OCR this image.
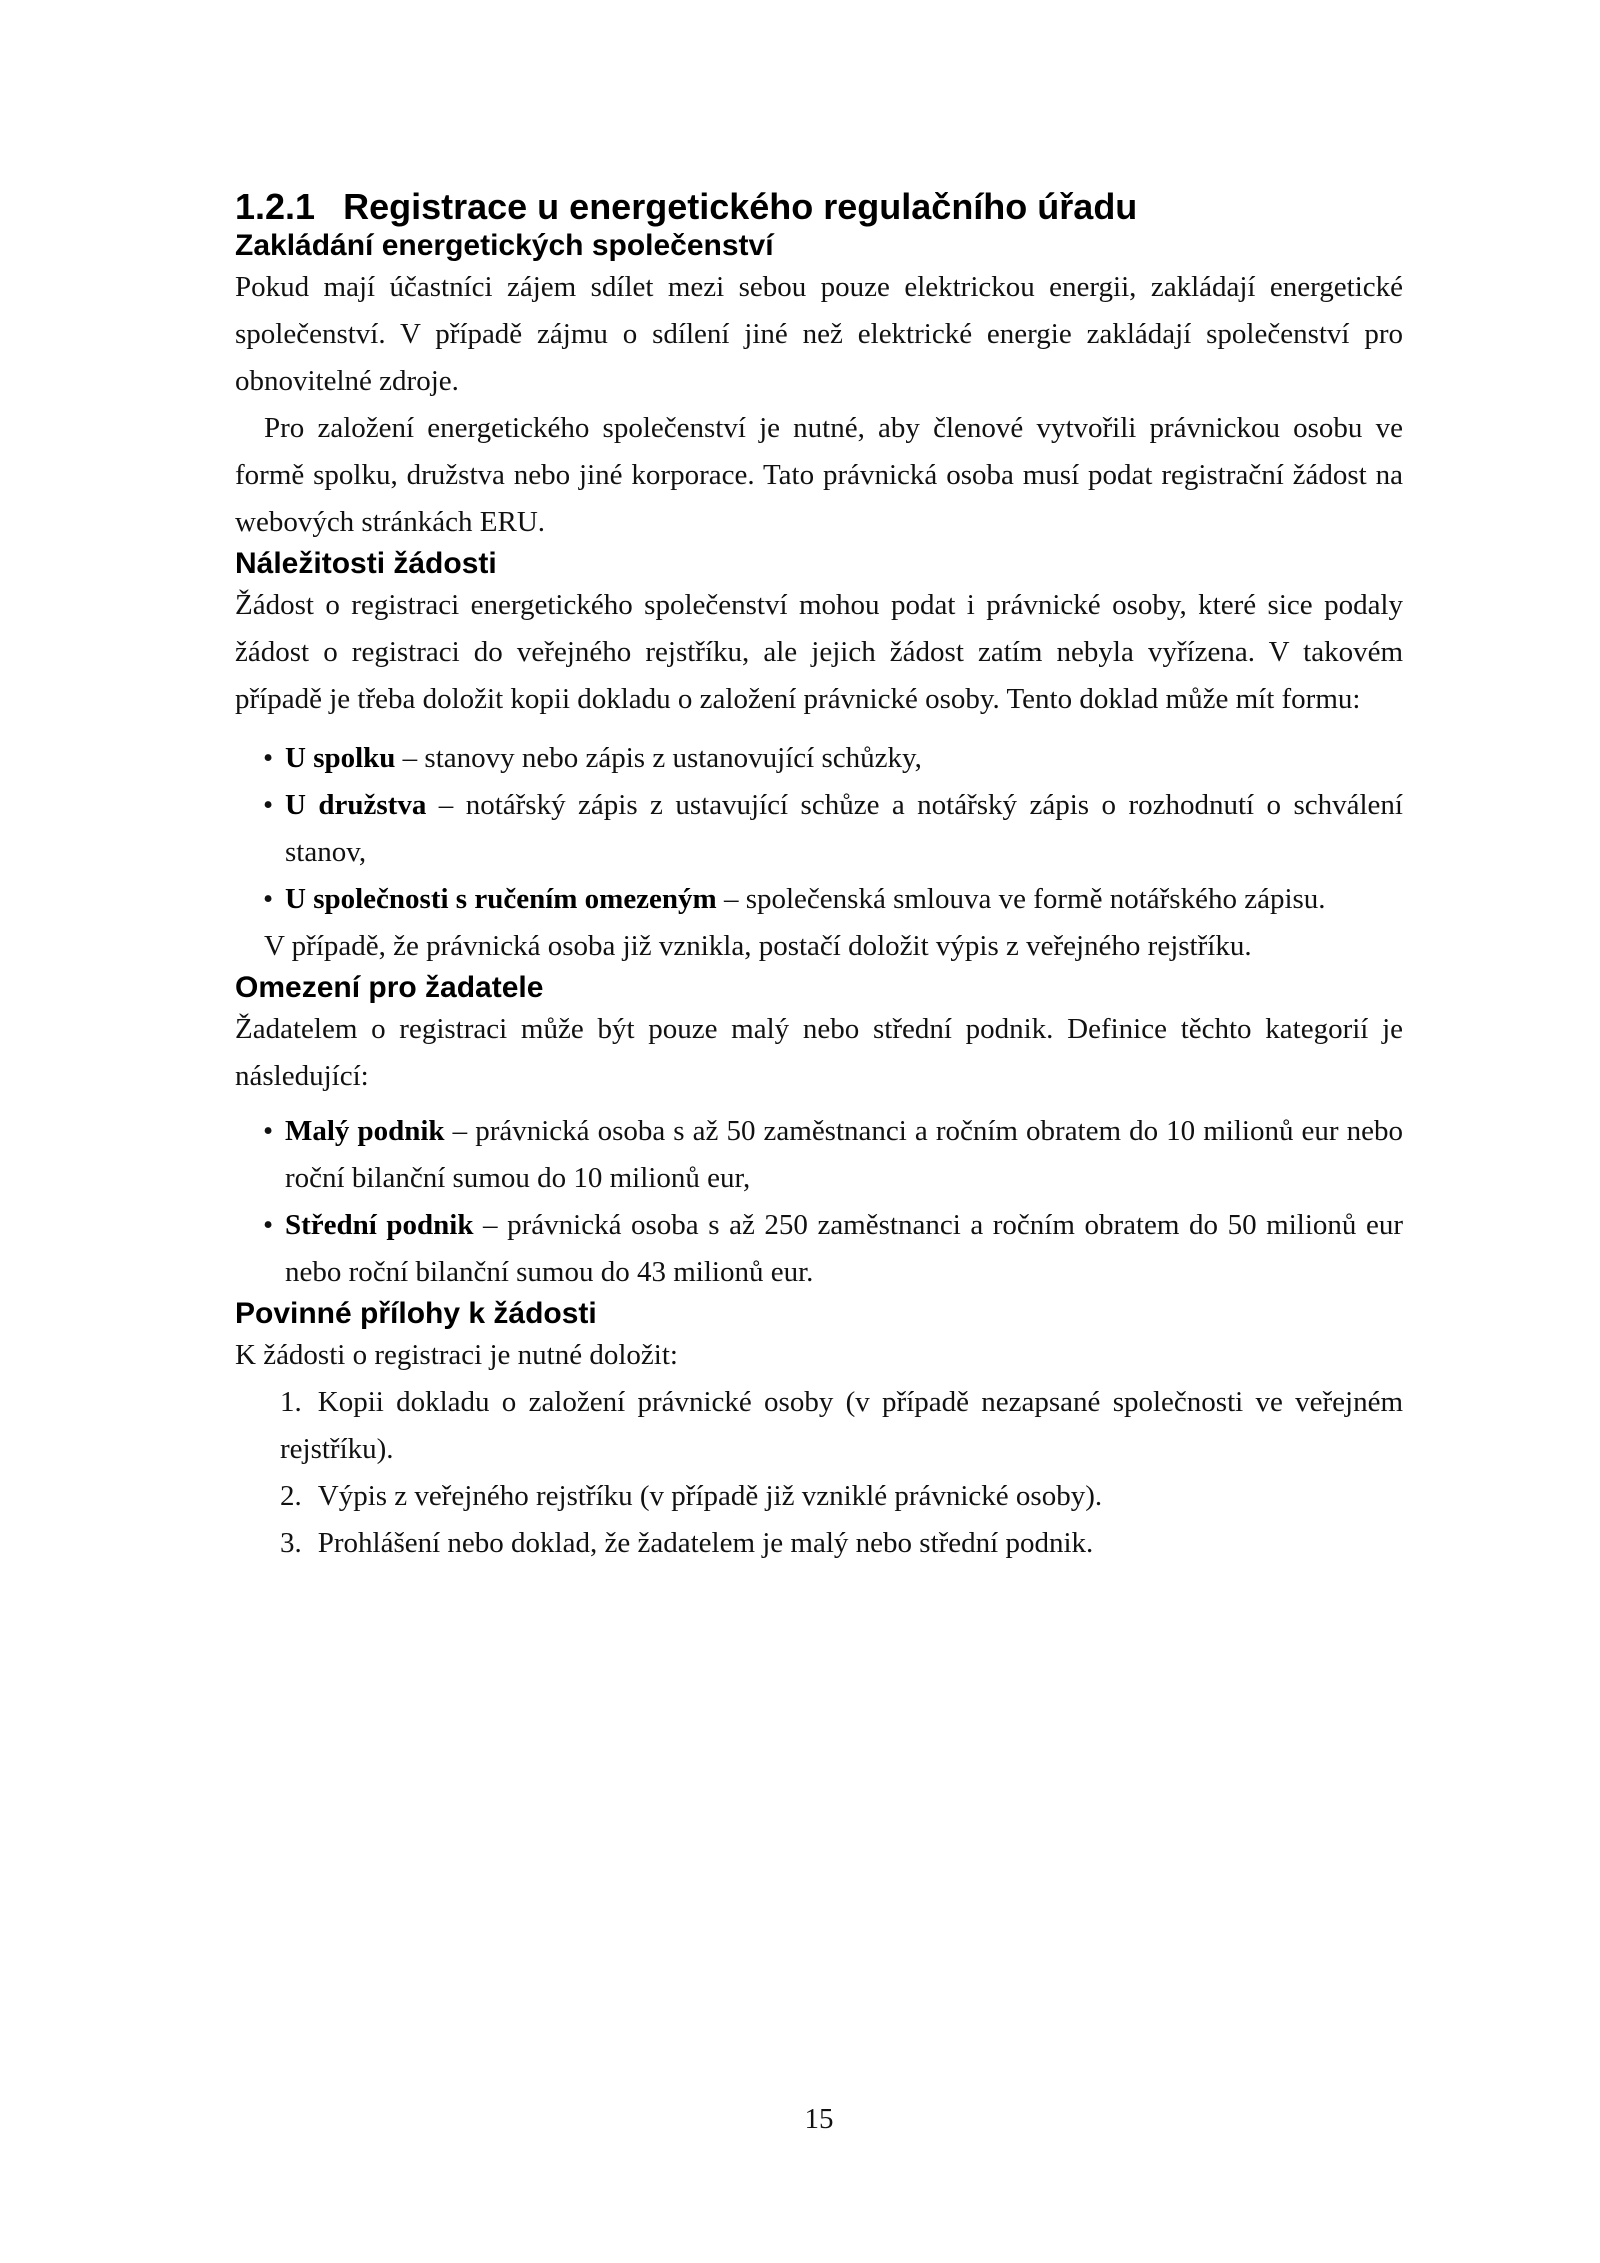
1.2.1 Registrace u energetického regulačního úřadu
Zakládání energetických společenství

Pokud mají účastníci zájem sdílet mezi sebou pouze elektrickou energii, zakládají energetické společenství. V případě zájmu o sdílení jiné než elektrické energie zakládají společenství pro obnovitelné zdroje.

Pro založení energetického společenství je nutné, aby členové vytvořili právnickou osobu ve formě spolku, družstva nebo jiné korporace. Tato právnická osoba musí podat registrační žádost na webových stránkách ERU.

Náležitosti žádosti

Žádost o registraci energetického společenství mohou podat i právnické osoby, které sice podaly žádost o registraci do veřejného rejstříku, ale jejich žádost zatím nebyla vyřízena. V takovém případě je třeba doložit kopii dokladu o založení právnické osoby. Tento doklad může mít formu:

• U spolku – stanovy nebo zápis z ustanovující schůzky,
• U družstva – notářský zápis z ustavující schůze a notářský zápis o rozhodnutí o schválení stanov,
• U společnosti s ručením omezeným – společenská smlouva ve formě notářského zápisu.

V případě, že právnická osoba již vznikla, postačí doložit výpis z veřejného rejstříku.

Omezení pro žadatele

Žadatelem o registraci může být pouze malý nebo střední podnik. Definice těchto kategorií je následující:

• Malý podnik – právnická osoba s až 50 zaměstnanci a ročním obratem do 10 milionů eur nebo roční bilanční sumou do 10 milionů eur,
• Střední podnik – právnická osoba s až 250 zaměstnanci a ročním obratem do 50 milionů eur nebo roční bilanční sumou do 43 milionů eur.
Povinné přílohy k žádosti

K žádosti o registraci je nutné doložit:

1. Kopii dokladu o založení právnické osoby (v případě nezapsané společnosti ve veřejném rejstříku).
2. Výpis z veřejného rejstříku (v případě již vzniklé právnické osoby).
3. Prohlášení nebo doklad, že žadatelem je malý nebo střední podnik.
15
